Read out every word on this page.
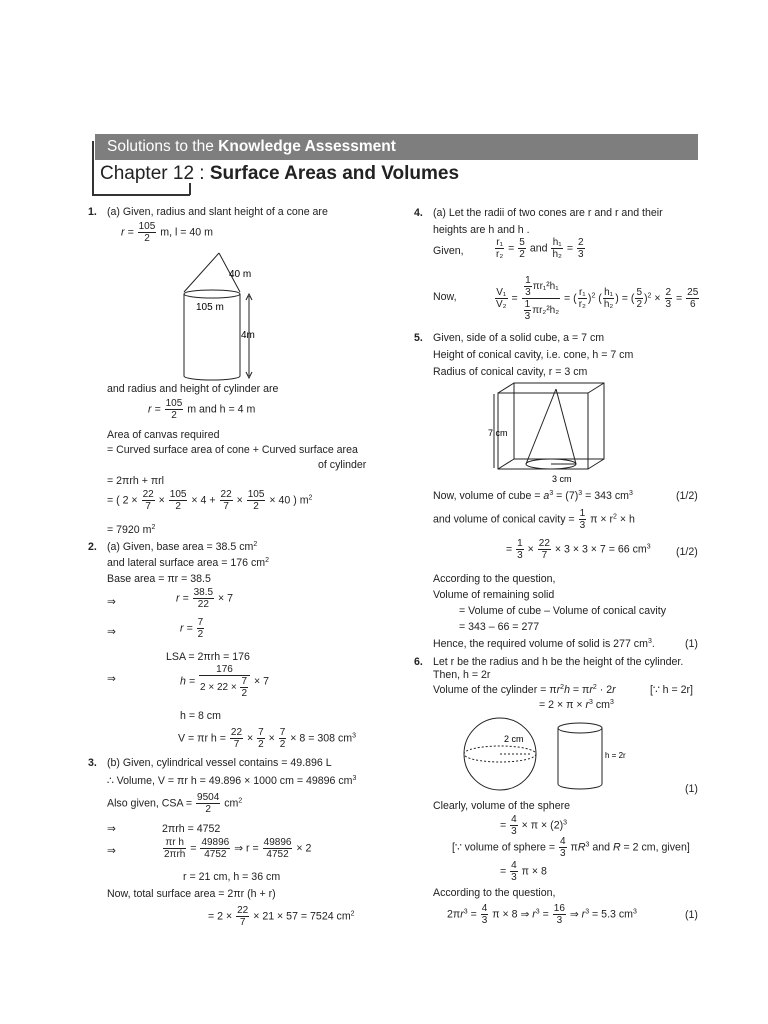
Solutions to the Knowledge Assessment
Chapter 12 : Surface Areas and Volumes
1. (a) Given, radius and slant height of a cone are
$r = \frac{105}{2} m$, l = 40 m
40 m
105 m
4m
and radius and height of cylinder are
$r = \frac{105}{2}$ m and h = 4 m
Area of canvas required
= Curved surface area of cone + Curved surface area
of cylinder
= 2πrh + πrl
= ( $2 \times \frac{22}{7} \times \frac{105}{2} \times 4 + \frac{22}{7} \times \frac{105}{2} \times 40$ ) $m^2$
= 7920 $m^2$
2. (a) Given, base area = 38.5 $cm^2$
and lateral surface area = 176 $cm^2$
Base area = πr = 38.5
⇒	$r = \frac{38.5}{22} \times 7$
⇒	$r = \frac{7}{2}$
LSA = 2πrh = 176
⇒	$h = \frac{176}{2 \times 22 \times \frac{7}{2}} \times 7$
h = 8 cm
V = πr $h = \frac{22}{7} \times \frac{7}{2} \times \frac{7}{2} \times 8 = 308$ $cm^3$
3. (b) Given, cylindrical vessel contains = 49.896 L
∴ Volume, V = πr h = 49.896 × 1000 cm = 49896 $cm^3$
Also given, CSA = $\frac{9504}{2} cm^2$
⇒	2πrh = 4752
⇒	$\frac{\text{πr h}}{\text{2πrh}} = \frac{49896}{4752}$ ⇒ $r = \frac{49896}{4752} \times 2$
r = 21 cm, h = 36 cm
Now, total surface area = 2πr (h + r)
= $2 \times \frac{22}{7} \times 21 \times 57 = 7524$ $cm^2$
4. (a) Let the radii of two cones are r and r and their
heights are h and h .
Given,	$\frac{\text{r₁}}{\text{r₂}} = \frac{5}{2}$ and $\frac{\text{h₁}}{\text{h₂}} = \frac{2}{3}$
Now,	$\frac{\text{V₁}}{\text{V₂}} = \frac{\frac{1}{3} \pi r_1^2h_1}{\frac{1}{3} \pi r_2^2h_2}$ = ( $\frac{\text{r₁}}{\text{r₂}} )^2$ ( $\frac{\text{h₁}}{\text{h₂}}$ ) = ( $\frac{5}{2} )^2 \times \frac{2}{3} = \frac{25}{6}$
5. Given, side of a solid cube, a = 7 cm
Height of conical cavity, i.e. cone, h = 7 cm
Radius of conical cavity, r = 3 cm
7 cm
3 cm
Now, volume of cube = $a^3 = (7)^3 = 343$ $cm^3$	(1/2)
and volume of conical cavity = $\frac{1}{3}$ $\pi \times r^2 \times h$
= $\frac{1}{3} \times \frac{22}{7} \times 3 \times 3 \times 7 = 66$ $cm^3$ (1/2)
According to the question,
Volume of remaining solid
= Volume of cube – Volume of conical cavity
= 343 – 66 = 277
Hence, the required volume of solid is 277 $cm^3$.	(1)
6. Let r be the radius and h be the height of the cylinder.
Then, h = 2r
Volume of the cylinder = $\pi r^2h = \pi r^2 \cdot 2r$	[∵ h = 2r]
= $2 \times \pi \times r^3$ $cm^3$
2 cm
h = 2r
(1)
Clearly, volume of the sphere
= $\frac{4}{3} \times \pi \times (2)^3$
[∵ volume of sphere = $\frac{4}{3} \pi R^3$ and R = 2 cm, given]
= $\frac{4}{3}$ π × 8
According to the question,
$2\pi r^3 = \frac{4}{3}$ π × 8 ⇒ $r^3 = \frac{16}{3}$ ⇒ $r^3 = 5.3$ $cm^3$	(1)
